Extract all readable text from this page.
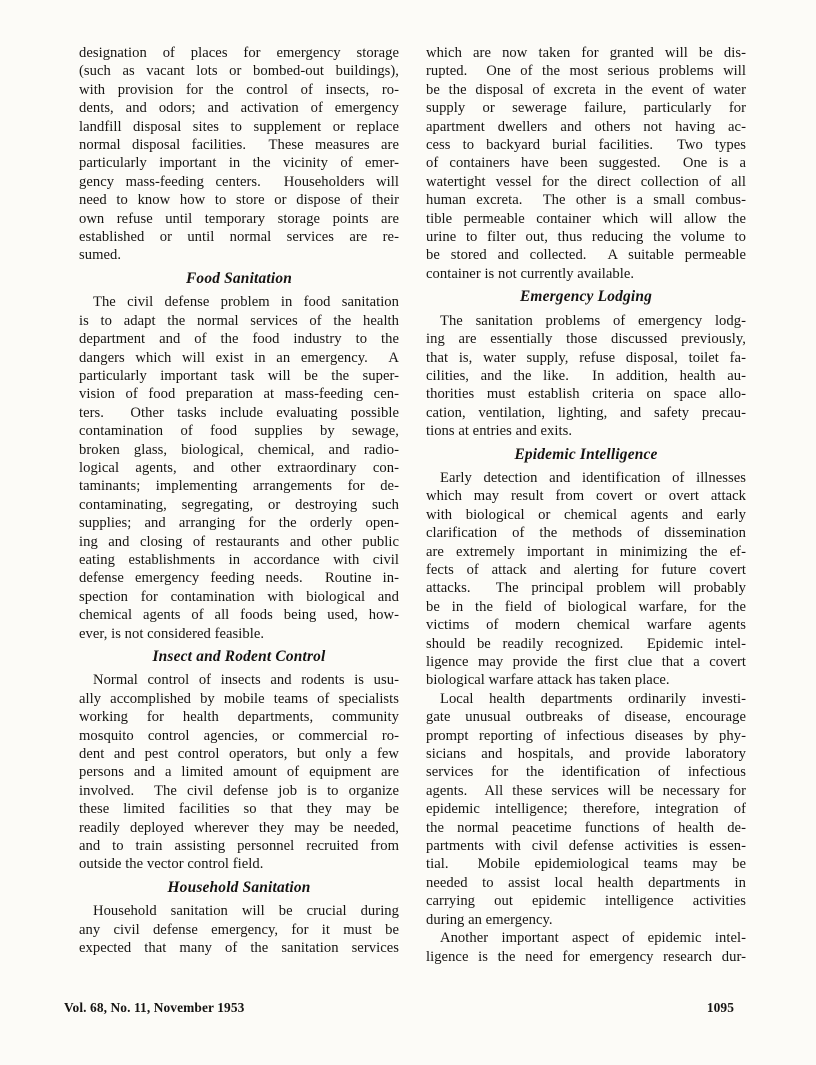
designation of places for emergency storage
(such as vacant lots or bombed-out buildings),
with provision for the control of insects, ro-
dents, and odors; and activation of emergency
landfill disposal sites to supplement or replace
normal disposal facilities.  These measures are
particularly important in the vicinity of emer-
gency mass-feeding centers.  Householders will
need to know how to store or dispose of their
own refuse until temporary storage points are
established or until normal services are re-
sumed.
Food Sanitation
The civil defense problem in food sanitation
is to adapt the normal services of the health
department and of the food industry to the
dangers which will exist in an emergency.  A
particularly important task will be the super-
vision of food preparation at mass-feeding cen-
ters.  Other tasks include evaluating possible
contamination of food supplies by sewage,
broken glass, biological, chemical, and radio-
logical agents, and other extraordinary con-
taminants; implementing arrangements for de-
contaminating, segregating, or destroying such
supplies; and arranging for the orderly open-
ing and closing of restaurants and other public
eating establishments in accordance with civil
defense emergency feeding needs.  Routine in-
spection for contamination with biological and
chemical agents of all foods being used, how-
ever, is not considered feasible.
Insect and Rodent Control
Normal control of insects and rodents is usu-
ally accomplished by mobile teams of specialists
working for health departments, community
mosquito control agencies, or commercial ro-
dent and pest control operators, but only a few
persons and a limited amount of equipment are
involved.  The civil defense job is to organize
these limited facilities so that they may be
readily deployed wherever they may be needed,
and to train assisting personnel recruited from
outside the vector control field.
Household Sanitation
Household sanitation will be crucial during
any civil defense emergency, for it must be
expected that many of the sanitation services
which are now taken for granted will be dis-
rupted.  One of the most serious problems will
be the disposal of excreta in the event of water
supply or sewerage failure, particularly for
apartment dwellers and others not having ac-
cess to backyard burial facilities.  Two types
of containers have been suggested.  One is a
watertight vessel for the direct collection of all
human excreta.  The other is a small combus-
tible permeable container which will allow the
urine to filter out, thus reducing the volume to
be stored and collected.  A suitable permeable
container is not currently available.
Emergency Lodging
The sanitation problems of emergency lodg-
ing are essentially those discussed previously,
that is, water supply, refuse disposal, toilet fa-
cilities, and the like.  In addition, health au-
thorities must establish criteria on space allo-
cation, ventilation, lighting, and safety precau-
tions at entries and exits.
Epidemic Intelligence
Early detection and identification of illnesses
which may result from covert or overt attack
with biological or chemical agents and early
clarification of the methods of dissemination
are extremely important in minimizing the ef-
fects of attack and alerting for future covert
attacks.  The principal problem will probably
be in the field of biological warfare, for the
victims of modern chemical warfare agents
should be readily recognized.  Epidemic intel-
ligence may provide the first clue that a covert
biological warfare attack has taken place.
Local health departments ordinarily investi-
gate unusual outbreaks of disease, encourage
prompt reporting of infectious diseases by phy-
sicians and hospitals, and provide laboratory
services for the identification of infectious
agents.  All these services will be necessary for
epidemic intelligence; therefore, integration of
the normal peacetime functions of health de-
partments with civil defense activities is essen-
tial.  Mobile epidemiological teams may be
needed to assist local health departments in
carrying out epidemic intelligence activities
during an emergency.
Another important aspect of epidemic intel-
ligence is the need for emergency research dur-
Vol. 68, No. 11, November 1953	1095
